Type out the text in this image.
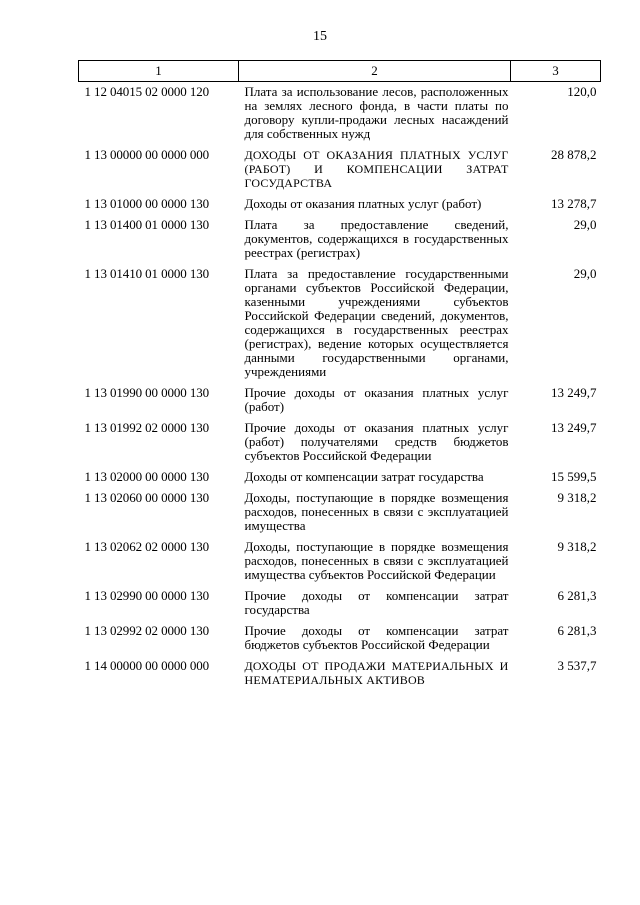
15
1	2	3
1 12 04015 02 0000 120	Плата за использование лесов, расположенных на землях лесного фонда, в части платы по договору купли-продажи лесных насаждений для собственных нужд	120,0
1 13 00000 00 0000 000	ДОХОДЫ ОТ ОКАЗАНИЯ ПЛАТНЫХ УСЛУГ (РАБОТ) И КОМПЕНСАЦИИ ЗАТРАТ ГОСУДАРСТВА	28 878,2
1 13 01000 00 0000 130	Доходы от оказания платных услуг (работ)	13 278,7
1 13 01400 01 0000 130	Плата за предоставление сведений, документов, содержащихся в государственных реестрах (регистрах)	29,0
1 13 01410 01 0000 130	Плата за предоставление государственными органами субъектов Российской Федерации, казенными учреждениями субъектов Российской Федерации сведений, документов, содержащихся в государственных реестрах (регистрах), ведение которых осуществляется данными государственными органами, учреждениями	29,0
1 13 01990 00 0000 130	Прочие доходы от оказания платных услуг (работ)	13 249,7
1 13 01992 02 0000 130	Прочие доходы от оказания платных услуг (работ) получателями средств бюджетов субъектов Российской Федерации	13 249,7
1 13 02000 00 0000 130	Доходы от компенсации затрат государства	15 599,5
1 13 02060 00 0000 130	Доходы, поступающие в порядке возмещения расходов, понесенных в связи с эксплуатацией имущества	9 318,2
1 13 02062 02 0000 130	Доходы, поступающие в порядке возмещения расходов, понесенных в связи с эксплуатацией имущества субъектов Российской Федерации	9 318,2
1 13 02990 00 0000 130	Прочие доходы от компенсации затрат государства	6 281,3
1 13 02992 02 0000 130	Прочие доходы от компенсации затрат бюджетов субъектов Российской Федерации	6 281,3
1 14 00000 00 0000 000	ДОХОДЫ ОТ ПРОДАЖИ МАТЕРИАЛЬНЫХ И НЕМАТЕРИАЛЬНЫХ АКТИВОВ	3 537,7
